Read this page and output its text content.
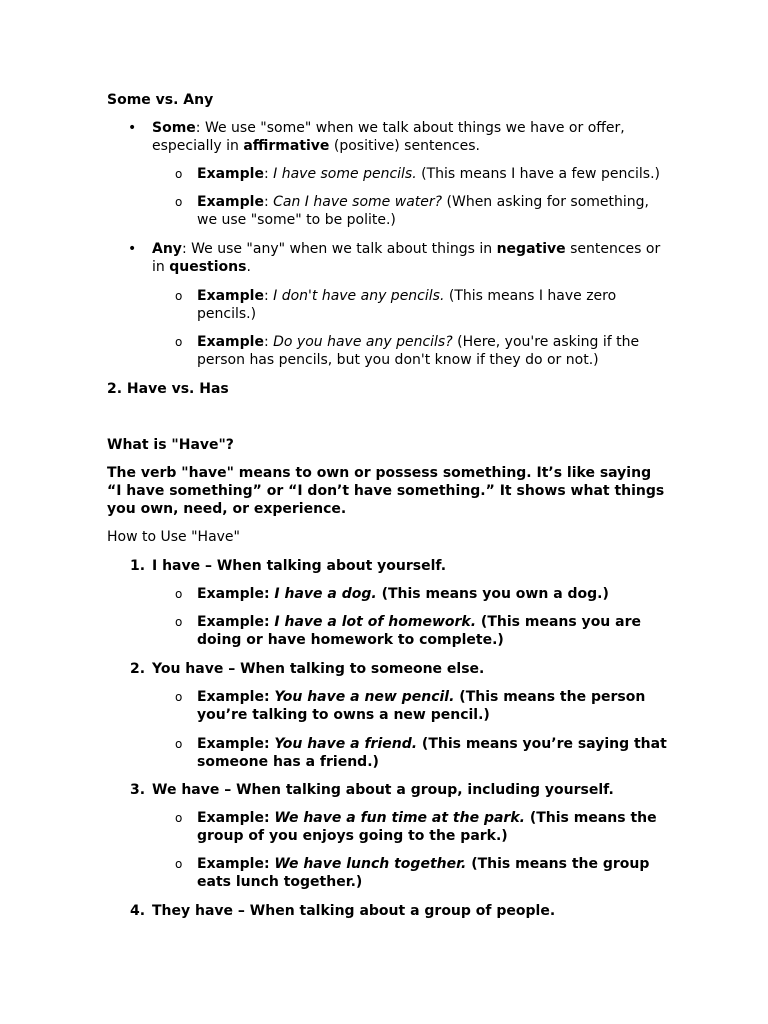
Some vs. Any
• Some: We use "some" when we talk about things we have or offer,
especially in affirmative (positive) sentences.
o Example: I have some pencils. (This means I have a few pencils.)
o Example: Can I have some water? (When asking for something,
we use "some" to be polite.)
• Any: We use "any" when we talk about things in negative sentences or
in questions.
o Example: I don't have any pencils. (This means I have zero
pencils.)
o Example: Do you have any pencils? (Here, you're asking if the
person has pencils, but you don't know if they do or not.)
2. Have vs. Has
What is "Have"?
The verb "have" means to own or possess something. It’s like saying
“I have something” or “I don’t have something.” It shows what things
you own, need, or experience.
How to Use "Have"
1. I have – When talking about yourself.
o Example: I have a dog. (This means you own a dog.)
o Example: I have a lot of homework. (This means you are
doing or have homework to complete.)
2. You have – When talking to someone else.
o Example: You have a new pencil. (This means the person
you’re talking to owns a new pencil.)
o Example: You have a friend. (This means you’re saying that
someone has a friend.)
3. We have – When talking about a group, including yourself.
o Example: We have a fun time at the park. (This means the
group of you enjoys going to the park.)
o Example: We have lunch together. (This means the group
eats lunch together.)
4. They have – When talking about a group of people.
